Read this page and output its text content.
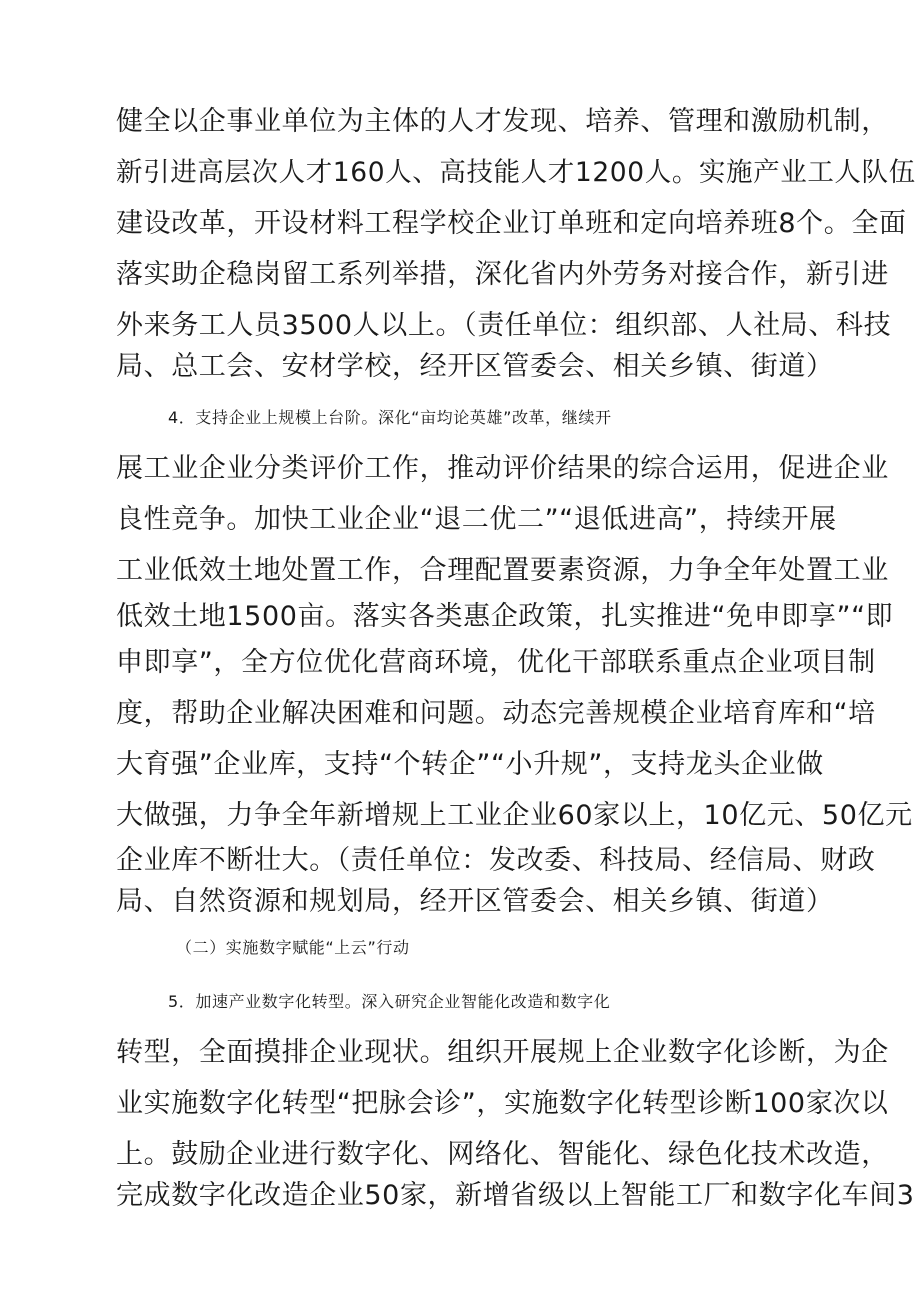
健全以企事业单位为主体的人才发现、培养、管理和激励机制，
新引进高层次人才160人、高技能人才1200人。实施产业工人队伍
建设改革，开设材料工程学校企业订单班和定向培养班8个。全面
落实助企稳岗留工系列举措，深化省内外劳务对接合作，新引进
外来务工人员3500人以上。（责任单位：组织部、人社局、科技
局、总工会、安材学校，经开区管委会、相关乡镇、街道）
4．支持企业上规模上台阶。深化“亩均论英雄”改革，继续开
展工业企业分类评价工作，推动评价结果的综合运用，促进企业
良性竞争。加快工业企业“退二优二”“退低进高”，持续开展
工业低效土地处置工作，合理配置要素资源，力争全年处置工业
低效土地1500亩。落实各类惠企政策，扎实推进“免申即享”“即
申即享”，全方位优化营商环境，优化干部联系重点企业项目制
度，帮助企业解决困难和问题。动态完善规模企业培育库和“培
大育强”企业库，支持“个转企”“小升规”，支持龙头企业做
大做强，力争全年新增规上工业企业60家以上，10亿元、50亿元
企业库不断壮大。（责任单位：发改委、科技局、经信局、财政
局、自然资源和规划局，经开区管委会、相关乡镇、街道）
（二）实施数字赋能“上云”行动
5．加速产业数字化转型。深入研究企业智能化改造和数字化
转型，全面摸排企业现状。组织开展规上企业数字化诊断，为企
业实施数字化转型“把脉会诊”，实施数字化转型诊断100家次以
上。鼓励企业进行数字化、网络化、智能化、绿色化技术改造，
完成数字化改造企业50家，新增省级以上智能工厂和数字化车间3
